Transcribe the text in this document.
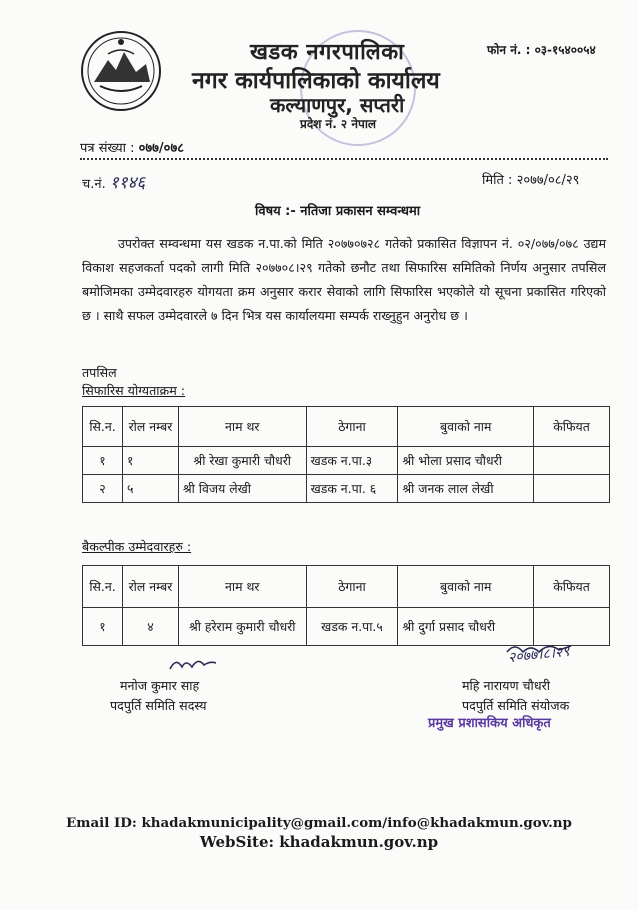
खडक नगरपालिका
नगर कार्यपालिकाको कार्यालय
कल्याणपुर, सप्तरी
प्रदेश नं. २ नेपाल
फोन नं. : ०३-१५४००५४
पत्र संख्या : ०७७/०७८
च.नं. ११४६	मिति : २०७७/०८/२९
विषय :- नतिजा प्रकासन सम्वन्धमा
उपरोक्त सम्वन्धमा यस खडक न.पा.को मिति २०७७०७२८ गतेको प्रकासित विज्ञापन नं. ०२/०७७/०७८ उद्यम विकाश सहजकर्ता पदको लागी मिति २०७७०८।२९ गतेको छनौट तथा सिफारिस समितिको निर्णय अनुसार तपसिल बमोजिमका उम्मेदवारहरु योगयता क्रम अनुसार करार सेवाको लागि सिफारिस भएकोले यो सूचना प्रकासित गरिएको छ । साथै सफल उम्मेदवारले ७ दिन भित्र यस कार्यालयमा सम्पर्क राख्नुहुन अनुरोध छ ।
तपसिल
सिफारिस योग्यताक्रम :
सि.न.	रोल नम्बर	नाम थर	ठेगाना	बुवाको नाम	केफियत
१	१	श्री रेखा कुमारी चौधरी	खडक न.पा.३	श्री भोला प्रसाद चौधरी	
२	५	श्री विजय लेखी	खडक न.पा. ६	श्री जनक लाल लेखी	
बैकल्पीक उम्मेदवारहरु :
सि.न.	रोल नम्बर	नाम थर	ठेगाना	बुवाको नाम	केफियत
१	४	श्री हरेराम कुमारी चौधरी	खडक न.पा.५	श्री दुर्गा प्रसाद चौधरी	
मनोज कुमार साह
पदपुर्ति समिति सदस्य
२०७७।८।२९
महि नारायण चौधरी
पदपुर्ति समिति संयोजक
प्रमुख प्रशासकिय अधिकृत
Email ID: khadakmunicipality@gmail.com/info@khadakmun.gov.np
WebSite: khadakmun.gov.np
